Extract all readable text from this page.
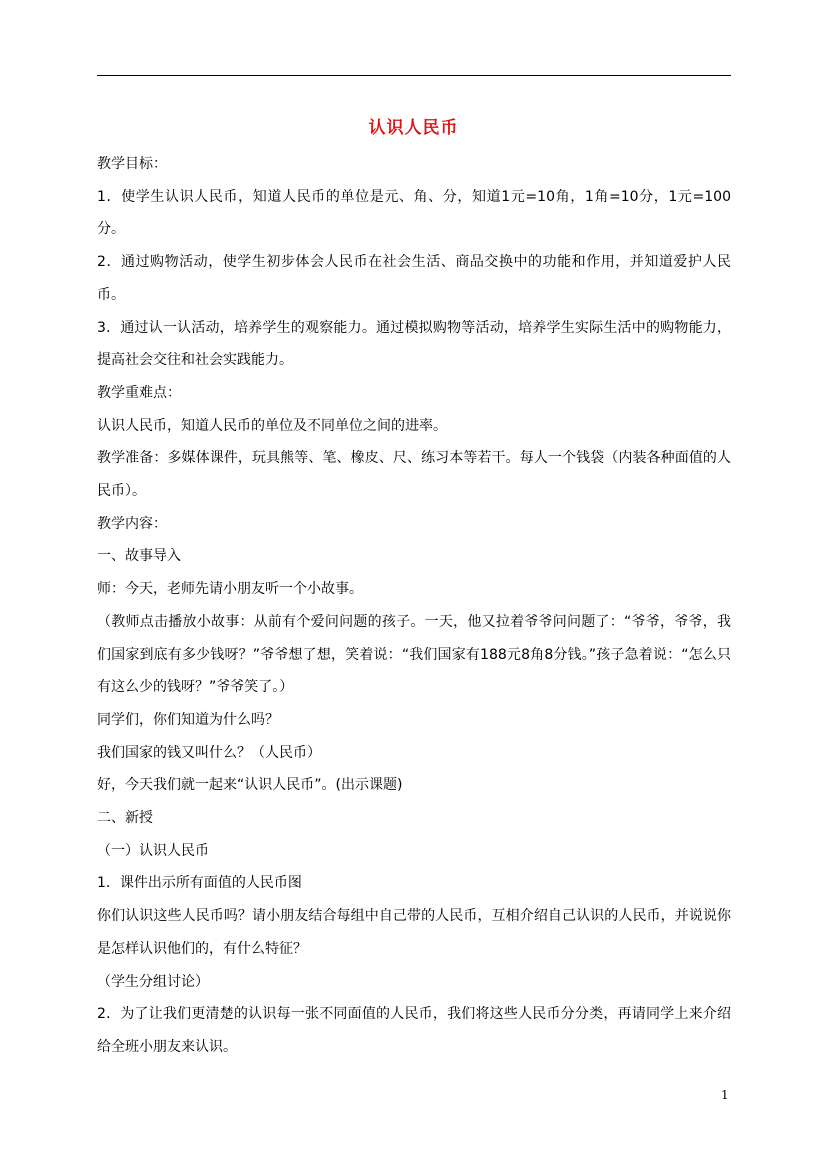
认识人民币

教学目标：

1．使学生认识人民币，知道人民币的单位是元、角、分，知道1元=10角，1角=10分，1元=100分。

2．通过购物活动，使学生初步体会人民币在社会生活、商品交换中的功能和作用，并知道爱护人民币。

3．通过认一认活动，培养学生的观察能力。通过模拟购物等活动，培养学生实际生活中的购物能力，提高社会交往和社会实践能力。

教学重难点：

认识人民币，知道人民币的单位及不同单位之间的进率。

教学准备：多媒体课件，玩具熊等、笔、橡皮、尺、练习本等若干。每人一个钱袋（内装各种面值的人民币）。

教学内容：

一、故事导入

师：今天，老师先请小朋友听一个小故事。

（教师点击播放小故事：从前有个爱问问题的孩子。一天，他又拉着爷爷问问题了：“爷爷，爷爷，我们国家到底有多少钱呀？”爷爷想了想，笑着说：“我们国家有188元8角8分钱。”孩子急着说：“怎么只有这么少的钱呀？”爷爷笑了。）

同学们，你们知道为什么吗？

我们国家的钱又叫什么？（人民币）

好，今天我们就一起来“认识人民币”。(出示课题)

二、新授

（一）认识人民币

1．课件出示所有面值的人民币图

你们认识这些人民币吗？请小朋友结合每组中自己带的人民币，互相介绍自己认识的人民币，并说说你是怎样认识他们的，有什么特征？

（学生分组讨论）

2．为了让我们更清楚的认识每一张不同面值的人民币，我们将这些人民币分分类，再请同学上来介绍给全班小朋友来认识。

1
